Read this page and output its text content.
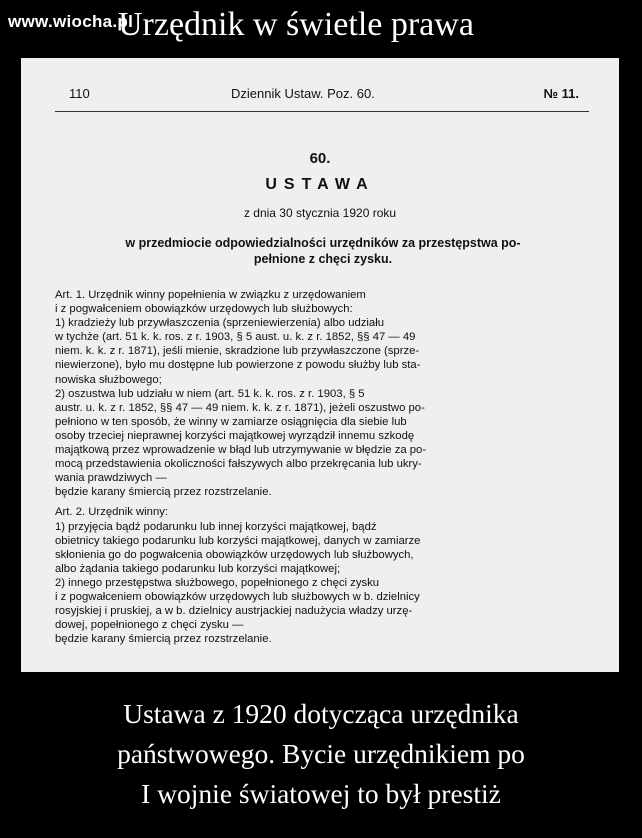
www.wiocha.pl
Urzędnik w świetle prawa
110	Dziennik Ustaw. Poz. 60.	№ 11.
60.
USTAWA
z dnia 30 stycznia 1920 roku
w przedmiocie odpowiedzialności urzędników za przestępstwa po-
pełnione z chęci zysku.
Art. 1. Urzędnik winny popełnienia w związku z urzędowaniem
i z pogwałceniem obowiązków urzędowych lub służbowych:
1) kradzieży lub przywłaszczenia (sprzeniewierzenia) albo udziału
w tychże (art. 51 k. k. ros. z r. 1903, § 5 aust. u. k. z r. 1852, §§ 47 — 49
niem. k. k. z r. 1871), jeśli mienie, skradzione lub przywłaszczone (sprze-
niewierzone), było mu dostępne lub powierzone z powodu służby lub sta-
nowiska służbowego;
2) oszustwa lub udziału w niem (art. 51 k. k. ros. z r. 1903, § 5
austr. u. k. z r. 1852, §§ 47 — 49 niem. k. k. z r. 1871), jeżeli oszustwo po-
pełniono w ten sposób, że winny w zamiarze osiągnięcia dla siebie lub
osoby trzeciej nieprawnej korzyści majątkowej wyrządził innemu szkodę
majątkową przez wprowadzenie w błąd lub utrzymywanie w błędzie za po-
mocą przedstawienia okoliczności fałszywych albo przekręcania lub ukry-
wania prawdziwych —
będzie karany śmiercią przez rozstrzelanie.
Art. 2. Urzędnik winny:
1) przyjęcia bądź podarunku lub innej korzyści majątkowej, bądź
obietnicy takiego podarunku lub korzyści majątkowej, danych w zamiarze
skłonienia go do pogwałcenia obowiązków urzędowych lub służbowych,
albo żądania takiego podarunku lub korzyści majątkowej;
2) innego przestępstwa służbowego, popełnionego z chęci zysku
i z pogwałceniem obowiązków urzędowych lub służbowych w b. dzielnicy
rosyjskiej i pruskiej, a w b. dzielnicy austrjackiej nadużycia władzy urzę-
dowej, popełnionego z chęci zysku —
będzie karany śmiercią przez rozstrzelanie.
Ustawa z 1920 dotycząca urzędnika
państwowego. Bycie urzędnikiem po
I wojnie światowej to był prestiż
